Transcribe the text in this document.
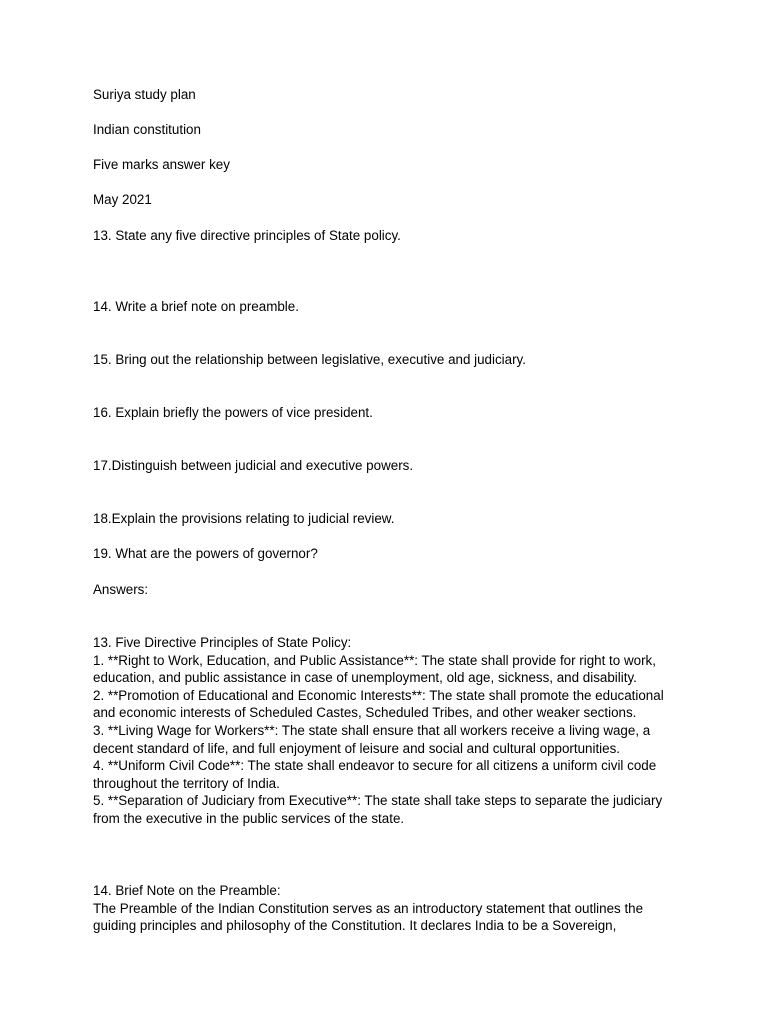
Suriya study plan
Indian constitution
Five marks answer key
May 2021
13. State any five directive principles of State policy.
14. Write a brief note on preamble.
15. Bring out the relationship between legislative, executive and judiciary.
16. Explain briefly the powers of vice president.
17.Distinguish between judicial and executive powers.
18.Explain the provisions relating to judicial review.
19. What are the powers of governor?
Answers:

13. Five Directive Principles of State Policy:

1. **Right to Work, Education, and Public Assistance**: The state shall provide for right to work, education, and public assistance in case of unemployment, old age, sickness, and disability.

2. **Promotion of Educational and Economic Interests**: The state shall promote the educational and economic interests of Scheduled Castes, Scheduled Tribes, and other weaker sections.

3. **Living Wage for Workers**: The state shall ensure that all workers receive a living wage, a decent standard of life, and full enjoyment of leisure and social and cultural opportunities.

4. **Uniform Civil Code**: The state shall endeavor to secure for all citizens a uniform civil code throughout the territory of India.

5. **Separation of Judiciary from Executive**: The state shall take steps to separate the judiciary from the executive in the public services of the state.

14. Brief Note on the Preamble:

The Preamble of the Indian Constitution serves as an introductory statement that outlines the guiding principles and philosophy of the Constitution. It declares India to be a Sovereign,
